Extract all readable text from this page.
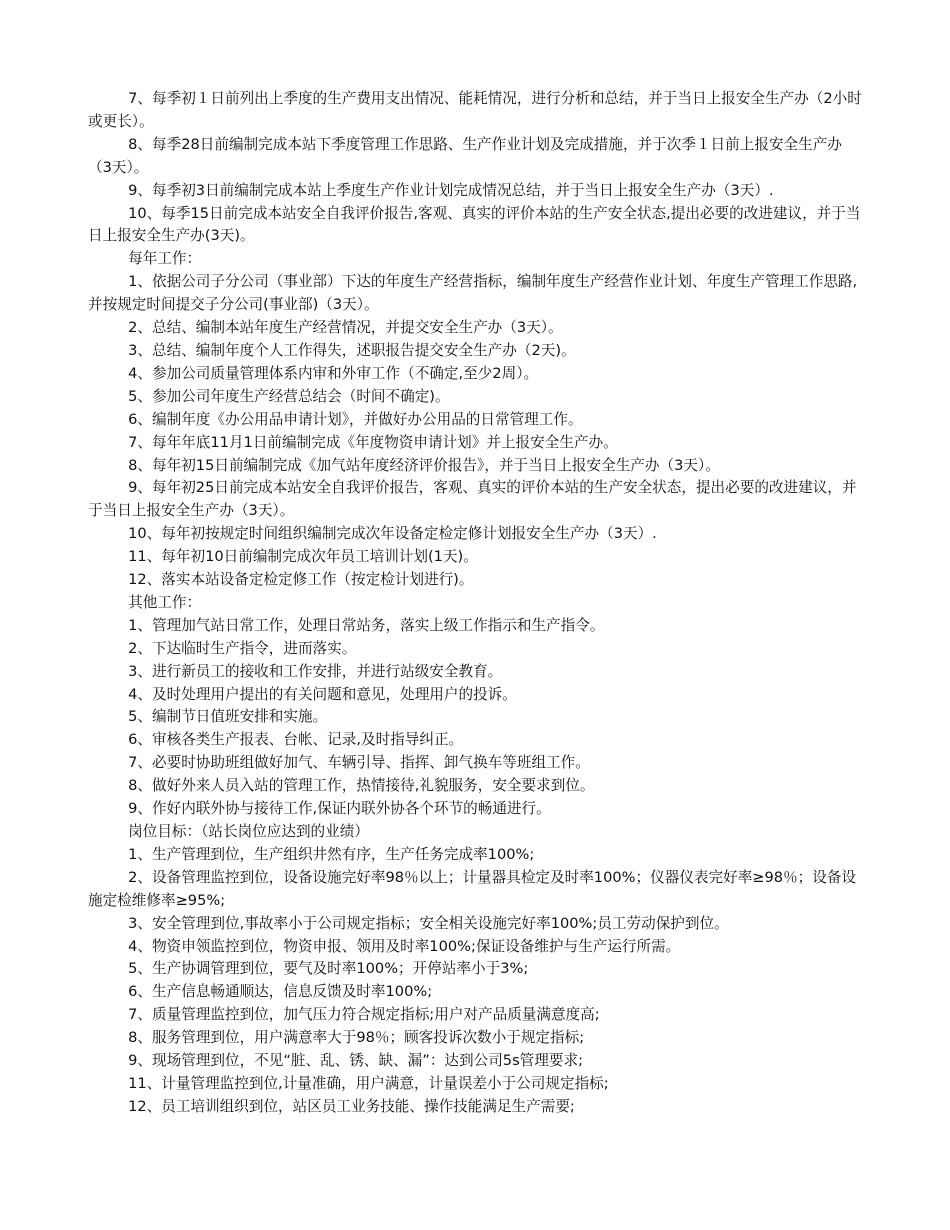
7、每季初１日前列出上季度的生产费用支出情况、能耗情况，进行分析和总结，并于当日上报安全生产办（2小时或更长）。

8、每季28日前编制完成本站下季度管理工作思路、生产作业计划及完成措施，并于次季１日前上报安全生产办（3天）。

9、每季初3日前编制完成本站上季度生产作业计划完成情况总结，并于当日上报安全生产办（3天）.

10、每季15日前完成本站安全自我评价报告,客观、真实的评价本站的生产安全状态,提出必要的改进建议，并于当日上报安全生产办(3天)。

每年工作：

1、依据公司子分公司（事业部）下达的年度生产经营指标，编制年度生产经营作业计划、年度生产管理工作思路,并按规定时间提交子分公司(事业部)（3天）。

2、总结、编制本站年度生产经营情况，并提交安全生产办（3天）。

3、总结、编制年度个人工作得失，述职报告提交安全生产办（2天)。

4、参加公司质量管理体系内审和外审工作（不确定,至少2周）。

5、参加公司年度生产经营总结会（时间不确定)。

6、编制年度《办公用品申请计划》，并做好办公用品的日常管理工作。

7、每年年底11月1日前编制完成《年度物资申请计划》并上报安全生产办。

8、每年初15日前编制完成《加气站年度经济评价报告》，并于当日上报安全生产办（3天）。

9、每年初25日前完成本站安全自我评价报告，客观、真实的评价本站的生产安全状态，提出必要的改进建议，并于当日上报安全生产办（3天）。

10、每年初按规定时间组织编制完成次年设备定检定修计划报安全生产办（3天）.

11、每年初10日前编制完成次年员工培训计划(1天)。

12、落实本站设备定检定修工作（按定检计划进行)。

其他工作：

1、管理加气站日常工作，处理日常站务，落实上级工作指示和生产指令。

2、下达临时生产指令，进而落实。

3、进行新员工的接收和工作安排，并进行站级安全教育。

4、及时处理用户提出的有关问题和意见，处理用户的投诉。

5、编制节日值班安排和实施。

6、审核各类生产报表、台帐、记录,及时指导纠正。

7、必要时协助班组做好加气、车辆引导、指挥、卸气换车等班组工作。

8、做好外来人员入站的管理工作，热情接待,礼貌服务，安全要求到位。

9、作好内联外协与接待工作,保证内联外协各个环节的畅通进行。

岗位目标：（站长岗位应达到的业绩）

1、生产管理到位，生产组织井然有序，生产任务完成率100%;

2、设备管理监控到位，设备设施完好率98％以上；计量器具检定及时率100%；仪器仪表完好率≥98％；设备设施定检维修率≥95%;

3、安全管理到位,事故率小于公司规定指标；安全相关设施完好率100%;员工劳动保护到位。

4、物资申领监控到位，物资申报、领用及时率100%;保证设备维护与生产运行所需。

5、生产协调管理到位，要气及时率100%；开停站率小于3%;

6、生产信息畅通顺达，信息反馈及时率100%;

7、质量管理监控到位，加气压力符合规定指标;用户对产品质量满意度高;

8、服务管理到位，用户满意率大于98％；顾客投诉次数小于规定指标;

9、现场管理到位，不见“脏、乱、锈、缺、漏”：达到公司5s管理要求;

11、计量管理监控到位,计量准确，用户满意，计量误差小于公司规定指标;

12、员工培训组织到位，站区员工业务技能、操作技能满足生产需要;
